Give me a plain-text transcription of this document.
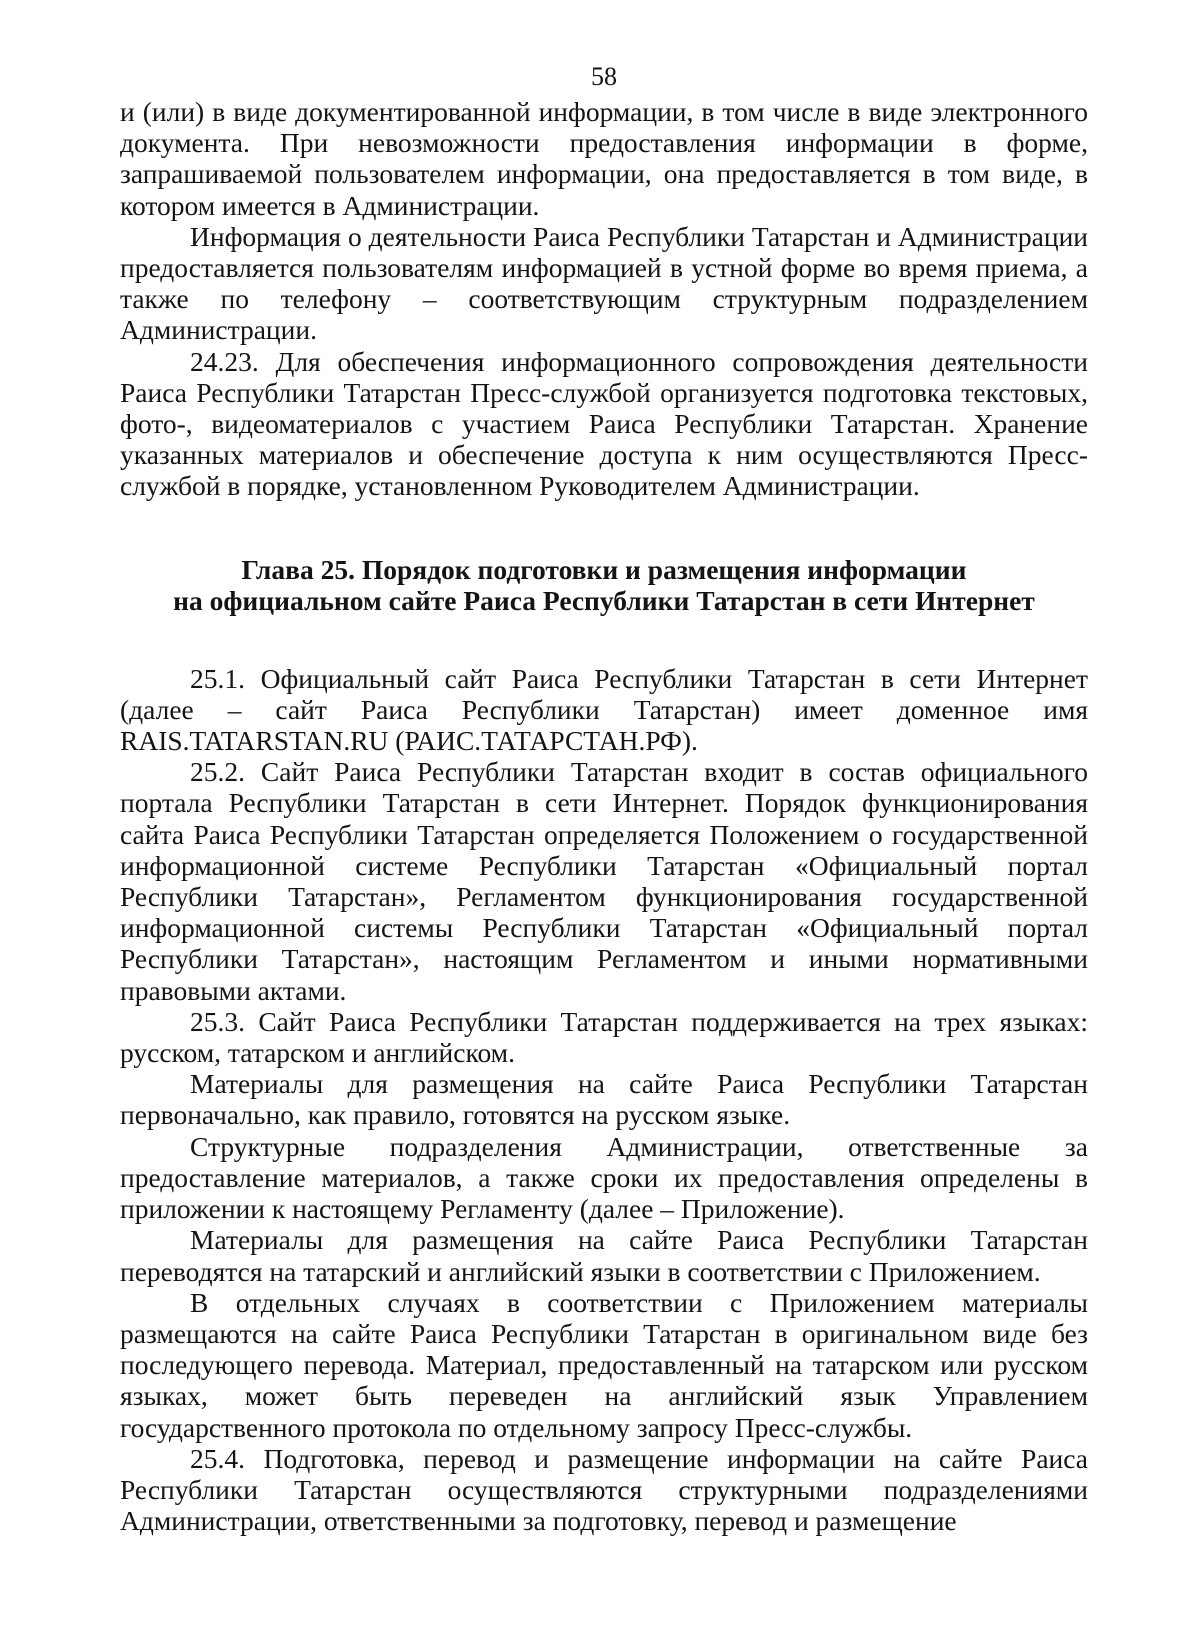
58

и (или) в виде документированной информации, в том числе в виде электронного документа. При невозможности предоставления информации в форме, запрашиваемой пользователем информации, она предоставляется в том виде, в котором имеется в Администрации.

Информация о деятельности Раиса Республики Татарстан и Администрации предоставляется пользователям информацией в устной форме во время приема, а также по телефону – соответствующим структурным подразделением Администрации.

24.23. Для обеспечения информационного сопровождения деятельности Раиса Республики Татарстан Пресс-службой организуется подготовка текстовых, фото-, видеоматериалов с участием Раиса Республики Татарстан. Хранение указанных материалов и обеспечение доступа к ним осуществляются Пресс-службой в порядке, установленном Руководителем Администрации.

Глава 25. Порядок подготовки и размещения информации
на официальном сайте Раиса Республики Татарстан в сети Интернет

25.1. Официальный сайт Раиса Республики Татарстан в сети Интернет (далее – сайт Раиса Республики Татарстан) имеет доменное имя RAIS.TATARSTAN.RU (РАИС.ТАТАРСТАН.РФ).

25.2. Сайт Раиса Республики Татарстан входит в состав официального портала Республики Татарстан в сети Интернет. Порядок функционирования сайта Раиса Республики Татарстан определяется Положением о государственной информационной системе Республики Татарстан «Официальный портал Республики Татарстан», Регламентом функционирования государственной информационной системы Республики Татарстан «Официальный портал Республики Татарстан», настоящим Регламентом и иными нормативными правовыми актами.

25.3. Сайт Раиса Республики Татарстан поддерживается на трех языках: русском, татарском и английском.

Материалы для размещения на сайте Раиса Республики Татарстан первоначально, как правило, готовятся на русском языке.

Структурные подразделения Администрации, ответственные за предоставление материалов, а также сроки их предоставления определены в приложении к настоящему Регламенту (далее – Приложение).

Материалы для размещения на сайте Раиса Республики Татарстан переводятся на татарский и английский языки в соответствии с Приложением.

В отдельных случаях в соответствии с Приложением материалы размещаются на сайте Раиса Республики Татарстан в оригинальном виде без последующего перевода. Материал, предоставленный на татарском или русском языках, может быть переведен на английский язык Управлением государственного протокола по отдельному запросу Пресс-службы.

25.4. Подготовка, перевод и размещение информации на сайте Раиса Республики Татарстан осуществляются структурными подразделениями Администрации, ответственными за подготовку, перевод и размещение
